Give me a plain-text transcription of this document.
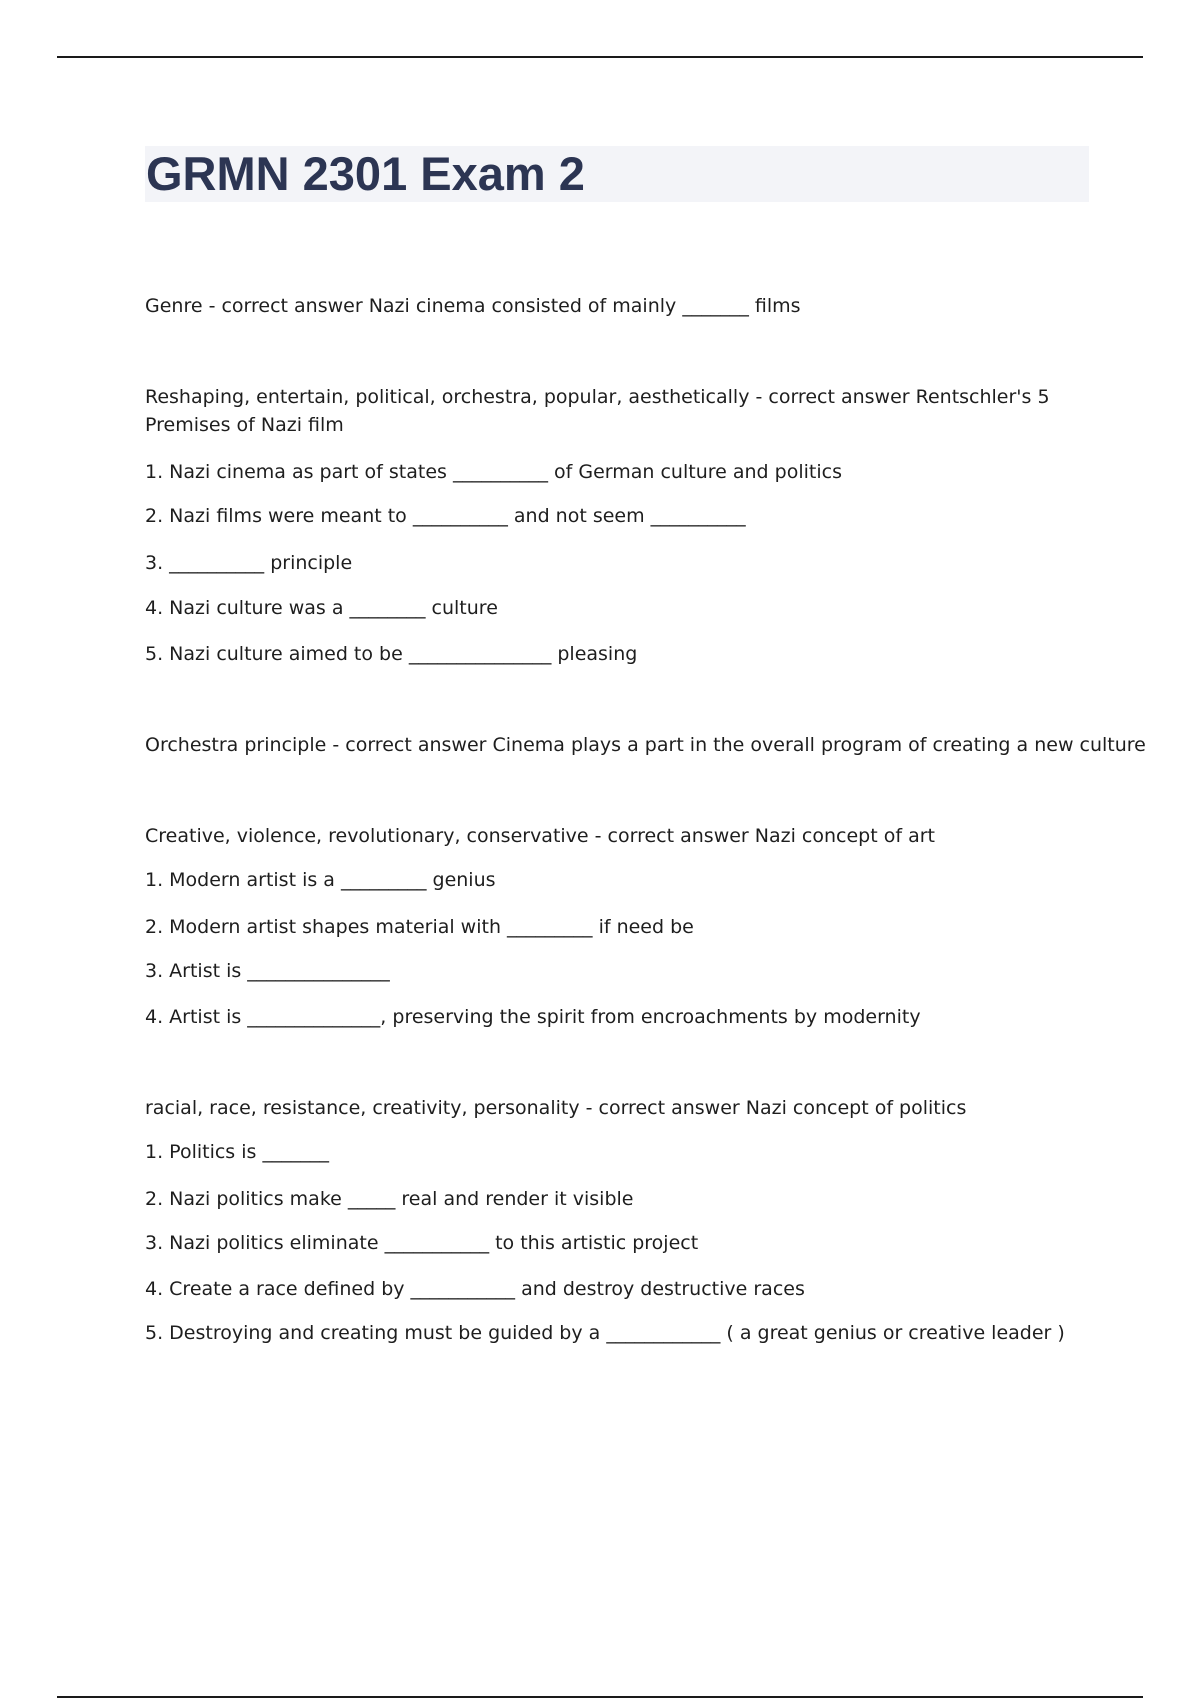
GRMN 2301 Exam 2

Genre - correct answer Nazi cinema consisted of mainly _______ films

Reshaping, entertain, political, orchestra, popular, aesthetically - correct answer Rentschler's 5 Premises of Nazi film

1. Nazi cinema as part of states __________ of German culture and politics

2. Nazi films were meant to __________ and not seem __________

3. __________ principle

4. Nazi culture was a ________ culture

5. Nazi culture aimed to be _______________ pleasing

Orchestra principle - correct answer Cinema plays a part in the overall program of creating a new culture

Creative, violence, revolutionary, conservative - correct answer Nazi concept of art

1. Modern artist is a _________ genius

2. Modern artist shapes material with _________ if need be

3. Artist is _______________

4. Artist is ______________, preserving the spirit from encroachments by modernity

racial, race, resistance, creativity, personality - correct answer Nazi concept of politics

1. Politics is _______

2. Nazi politics make _____ real and render it visible

3. Nazi politics eliminate ___________ to this artistic project

4. Create a race defined by ___________ and destroy destructive races

5. Destroying and creating must be guided by a ____________ ( a great genius or creative leader )
